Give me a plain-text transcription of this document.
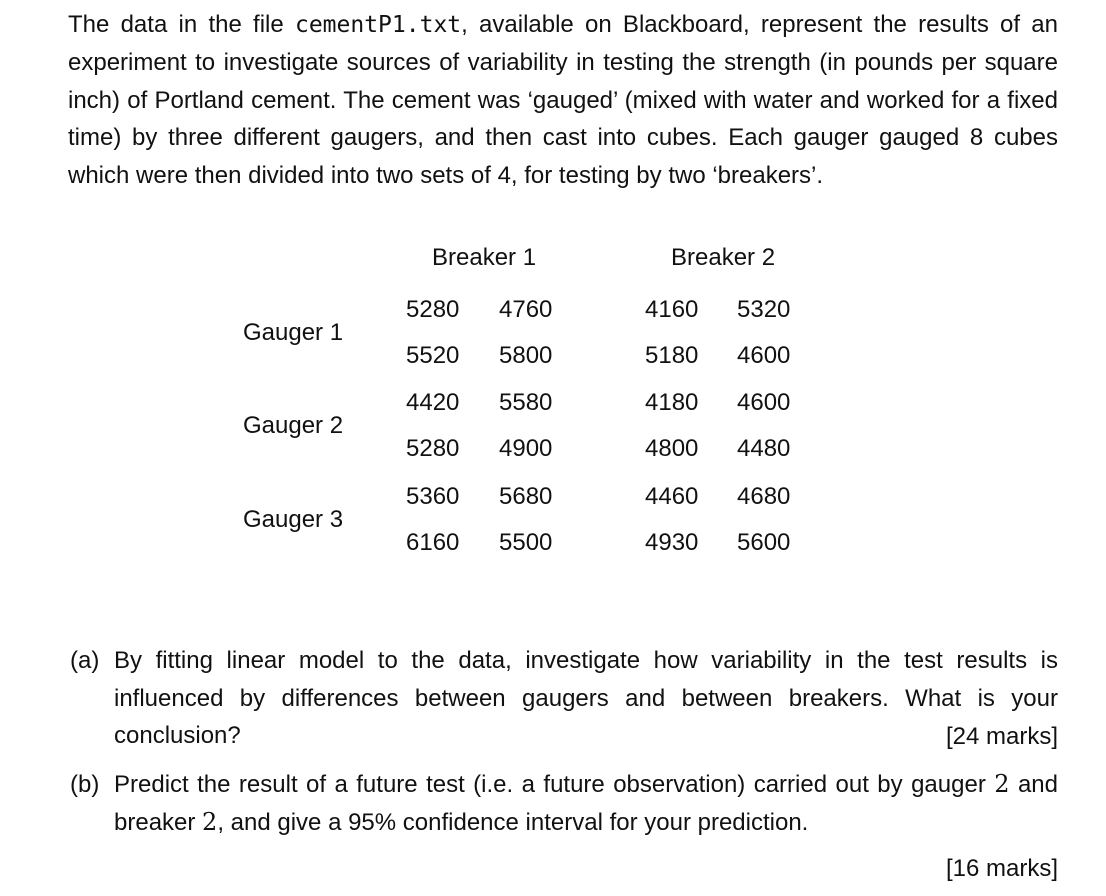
The data in the file cementP1.txt, available on Blackboard, represent the results of an experiment to investigate sources of variability in testing the strength (in pounds per square inch) of Portland cement. The cement was ‘gauged’ (mixed with water and worked for a fixed time) by three different gaugers, and then cast into cubes. Each gauger gauged 8 cubes which were then divided into two sets of 4, for testing by two ‘breakers’.

Breaker 1	Breaker 2
Gauger 1
5280 4760	4160 5320
5520 5800	5180 4600
Gauger 2
4420 5580	4180 4600
5280 4900	4800 4480
Gauger 3
5360 5680	4460 4680
6160 5500	4930 5600
(a) By fitting linear model to the data, investigate how variability in the test results is influenced by differences between gaugers and between breakers. What is your conclusion?	[24 marks]
(b) Predict the result of a future test (i.e. a future observation) carried out by gauger 2 and breaker 2, and give a 95% confidence interval for your prediction.
[16 marks]
